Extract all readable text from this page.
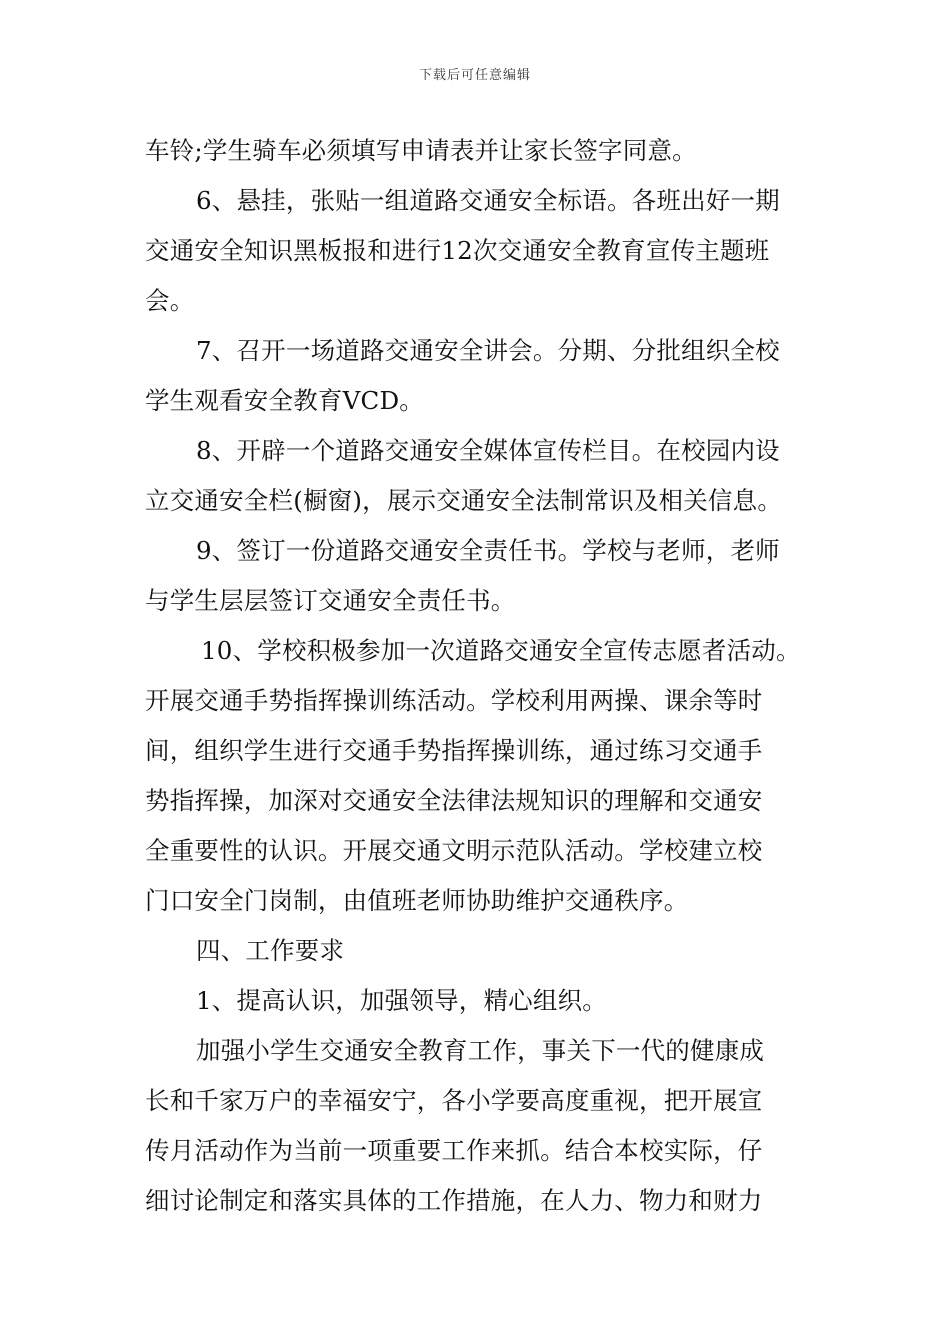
下载后可任意编辑
车铃;学生骑车必须填写申请表并让家长签字同意。
6、悬挂，张贴一组道路交通安全标语。各班出好一期
交通安全知识黑板报和进行12次交通安全教育宣传主题班
会。
7、召开一场道路交通安全讲会。分期、分批组织全校
学生观看安全教育VCD。
8、开辟一个道路交通安全媒体宣传栏目。在校园内设
立交通安全栏(橱窗)，展示交通安全法制常识及相关信息。
9、签订一份道路交通安全责任书。学校与老师，老师
与学生层层签订交通安全责任书。
10、学校积极参加一次道路交通安全宣传志愿者活动。
开展交通手势指挥操训练活动。学校利用两操、课余等时
间，组织学生进行交通手势指挥操训练，通过练习交通手
势指挥操，加深对交通安全法律法规知识的理解和交通安
全重要性的认识。开展交通文明示范队活动。学校建立校
门口安全门岗制，由值班老师协助维护交通秩序。
四、工作要求
1、提高认识，加强领导，精心组织。
加强小学生交通安全教育工作，事关下一代的健康成
长和千家万户的幸福安宁，各小学要高度重视，把开展宣
传月活动作为当前一项重要工作来抓。结合本校实际，仔
细讨论制定和落实具体的工作措施，在人力、物力和财力
